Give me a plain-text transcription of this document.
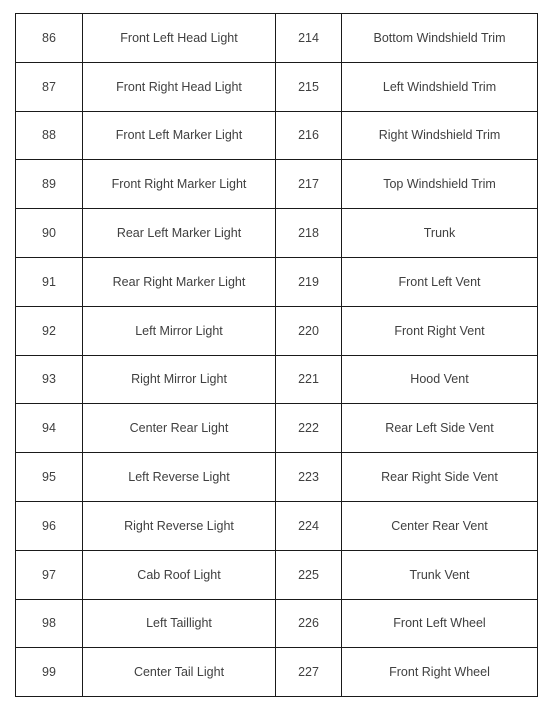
86	Front Left Head Light	214	Bottom Windshield Trim
87	Front Right Head Light	215	Left Windshield Trim
88	Front Left Marker Light	216	Right Windshield Trim
89	Front Right Marker Light	217	Top Windshield Trim
90	Rear Left Marker Light	218	Trunk
91	Rear Right Marker Light	219	Front Left Vent
92	Left Mirror Light	220	Front Right Vent
93	Right Mirror Light	221	Hood Vent
94	Center Rear Light	222	Rear Left Side Vent
95	Left Reverse Light	223	Rear Right Side Vent
96	Right Reverse Light	224	Center Rear Vent
97	Cab Roof Light	225	Trunk Vent
98	Left Taillight	226	Front Left Wheel
99	Center Tail Light	227	Front Right Wheel
